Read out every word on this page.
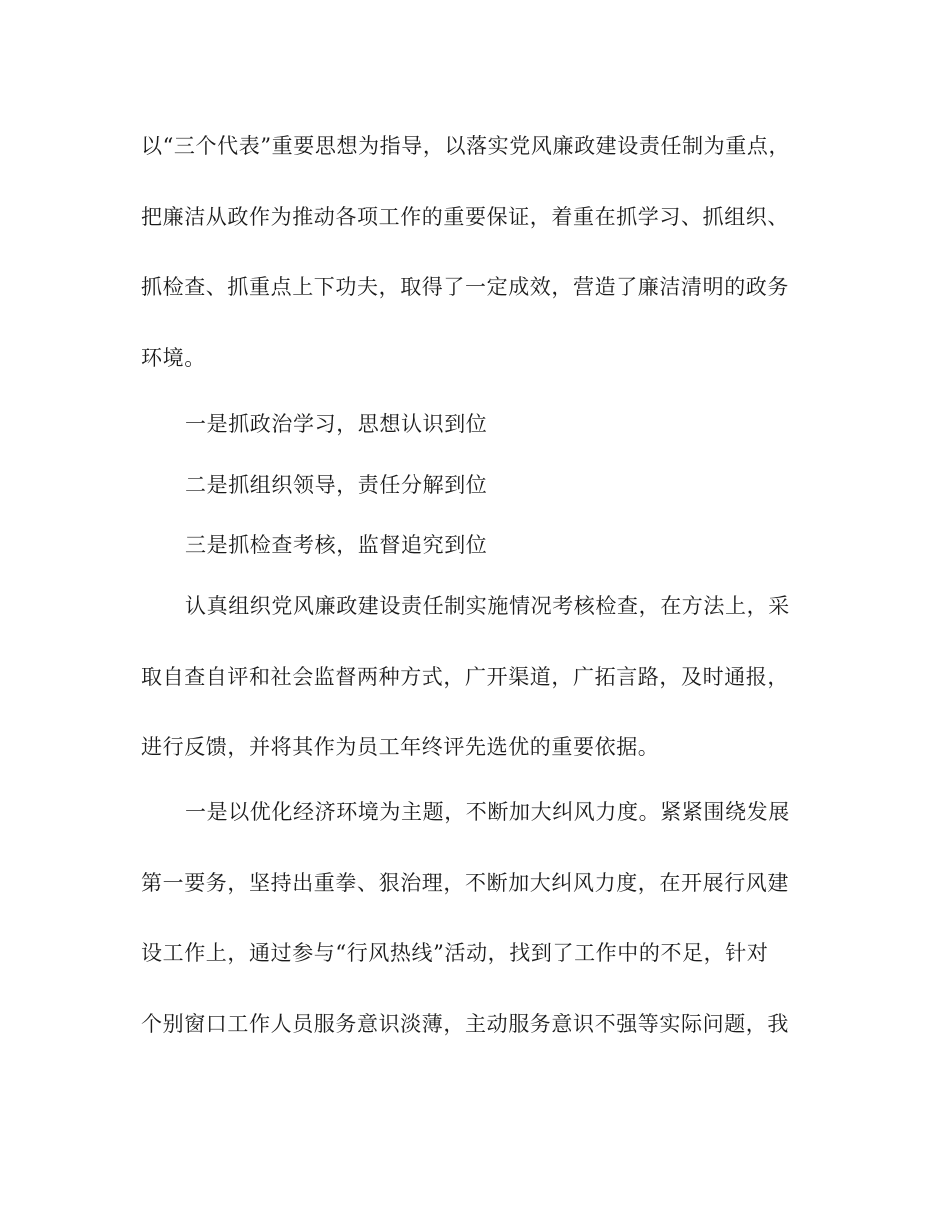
以“三个代表”重要思想为指导，以落实党风廉政建设责任制为重点，
把廉洁从政作为推动各项工作的重要保证，着重在抓学习、抓组织、
抓检查、抓重点上下功夫，取得了一定成效，营造了廉洁清明的政务
环境。
一是抓政治学习，思想认识到位
二是抓组织领导，责任分解到位
三是抓检查考核，监督追究到位
认真组织党风廉政建设责任制实施情况考核检查，在方法上，采
取自查自评和社会监督两种方式，广开渠道，广拓言路，及时通报，
进行反馈，并将其作为员工年终评先选优的重要依据。
一是以优化经济环境为主题，不断加大纠风力度。紧紧围绕发展
第一要务，坚持出重拳、狠治理，不断加大纠风力度，在开展行风建
设工作上，通过参与“行风热线”活动，找到了工作中的不足，针对
个别窗口工作人员服务意识淡薄，主动服务意识不强等实际问题，我
